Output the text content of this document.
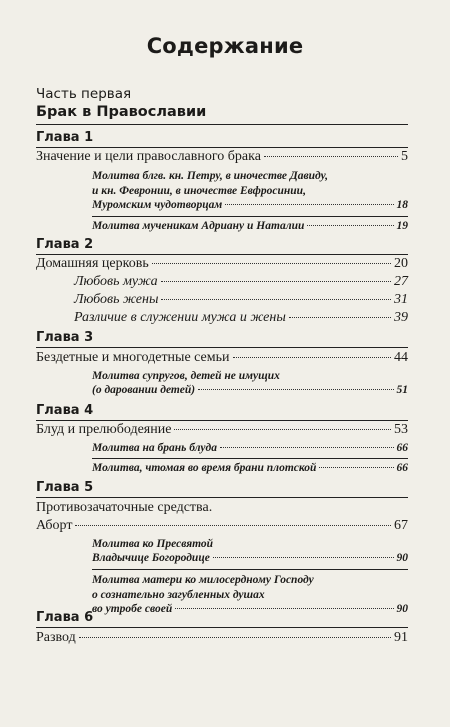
Содержание
Часть первая
Брак в Православии
Глава 1
Значение и цели православного брака	5
Молитва блгв. кн. Петру, в иночестве Давиду,
и кн. Февронии, в иночестве Евфросинии,
Муромским чудотворцам	18
Молитва мученикам Адриану и Наталии	19
Глава 2
Домашняя церковь	20
Любовь мужа	27
Любовь жены	31
Различие в служении мужа и жены	39
Глава 3
Бездетные и многодетные семьи	44
Молитва супругов, детей не имущих
(о даровании детей)	51
Глава 4
Блуд и прелюбодеяние	53
Молитва на брань блуда	66
Молитва, чтомая во время брани плотской	66
Глава 5
Противозачаточные средства.
Аборт	67
Молитва ко Пресвятой
Владычице Богородице	90
Молитва матери ко милосердному Господу
о сознательно загубленных душах
во утробе своей	90
Глава 6
Развод	91
